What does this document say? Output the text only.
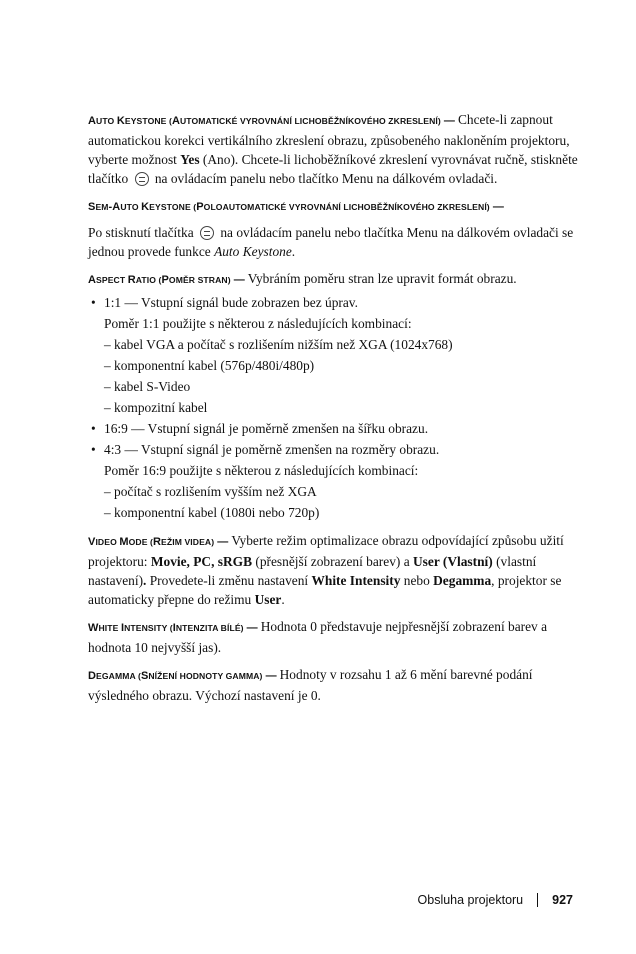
AUTO KEYSTONE (AUTOMATICKÉ VYROVNÁNÍ LICHOBĚŽNÍKOVÉHO ZKRESLENÍ) — Chcete-li zapnout automatickou korekci vertikálního zkreslení obrazu, způsobeného nakloněním projektoru, vyberte možnost Yes (Ano). Chcete-li lichoběžníkové zkreslení vyrovnávat ručně, stiskněte tlačítko  na ovládacím panelu nebo tlačítko Menu na dálkovém ovladači.

SEM-AUTO KEYSTONE (POLOAUTOMATICKÉ VYROVNÁNÍ LICHOBĚŽNÍKOVÉHO ZKRESLENÍ) —

Po stisknutí tlačítka  na ovládacím panelu nebo tlačítka Menu na dálkovém ovladači se jednou provede funkce Auto Keystone.

ASPECT RATIO (POMĚR STRAN) — Vybráním poměru stran lze upravit formát obrazu.

• 1:1 — Vstupní signál bude zobrazen bez úprav.
Poměr 1:1 použijte s některou z následujících kombinací:
– kabel VGA a počítač s rozlišením nižším než XGA (1024x768)
– komponentní kabel (576p/480i/480p)
– kabel S-Video
– kompozitní kabel
• 16:9 — Vstupní signál je poměrně zmenšen na šířku obrazu.
• 4:3 — Vstupní signál je poměrně zmenšen na rozměry obrazu.
Poměr 16:9 použijte s některou z následujících kombinací:
– počítač s rozlišením vyšším než XGA
– komponentní kabel (1080i nebo 720p)

VIDEO MODE (REŽIM VIDEA) — Vyberte režim optimalizace obrazu odpovídající způsobu užití projektoru: Movie, PC, sRGB (přesnější zobrazení barev) a User (Vlastní) (vlastní nastavení). Provedete-li změnu nastavení White Intensity nebo Degamma, projektor se automaticky přepne do režimu User.

WHITE INTENSITY (INTENZITA BÍLÉ) — Hodnota 0 představuje nejpřesnější zobrazení barev a hodnota 10 nejvyšší jas).

DEGAMMA (SNÍŽENÍ HODNOTY GAMMA) — Hodnoty v rozsahu 1 až 6 mění barevné podání výsledného obrazu. Výchozí nastavení je 0.

Obsluha projektoru 927
